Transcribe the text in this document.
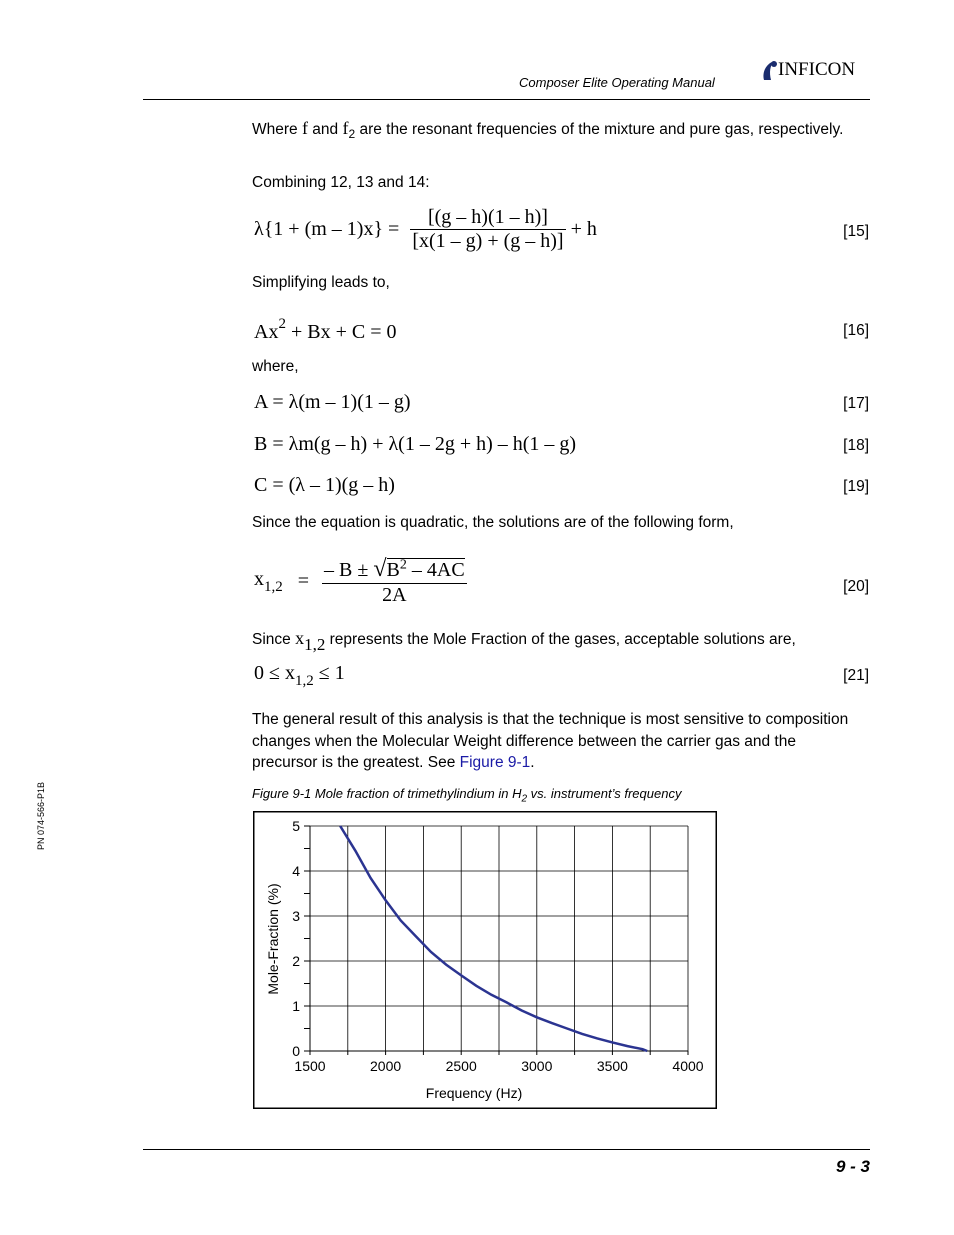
Composer Elite Operating Manual
INFICON
Where f and $f_2$ are the resonant frequencies of the mixture and pure gas, respectively.
Combining 12, 13 and 14:
$\lambda\{1 + (m - 1)x\} = \frac{[(g - h)(1 - h)]}{[x(1 - g) + (g - h)]} + h$	[15]
Simplifying leads to,
$Ax^2 + Bx + C = 0$	[16]
where,
A = λ(m – 1)(1 – g)	[17]
B = λm(g – h) + λ(1 – 2g + h) – h(1 – g)	[18]
C = (λ – 1)(g – h)	[19]
Since the equation is quadratic, the solutions are of the following form,
$x_{1,2} = \frac{- B \pm √B^2 - 4AC}{2A}$	[20]
Since $x_{1,2}$ represents the Mole Fraction of the gases, acceptable solutions are,
$0 \le x_{1,2} \le 1$	[21]
The general result of this analysis is that the technique is most sensitive to composition changes when the Molecular Weight difference between the carrier gas and the precursor is the greatest. See Figure 9-1.
Figure 9-1 Mole fraction of trimethylindium in $H_2$ vs. instrument’s frequency
0
1
2
3
4
5
1500	2000	2500	3000	3500	4000
Frequency (Hz)
Mole-Fraction (%)
PN 074-566-P1B
9 - 3
